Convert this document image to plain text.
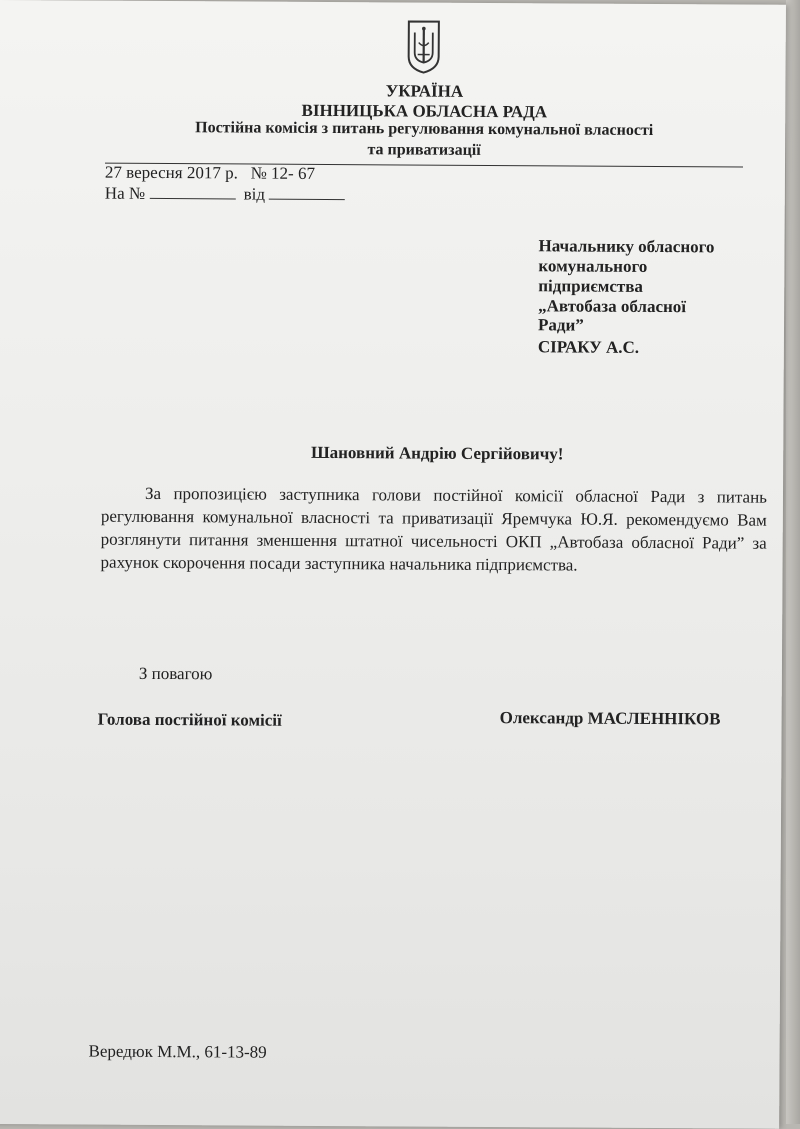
УКРАЇНА
ВІННИЦЬКА ОБЛАСНА РАДА
Постійна комісія з питань регулювання комунальної власності
та приватизації
27 вересня 2017 р.   № 12- 67
На №	від
Начальнику обласного
комунального
підприємства
„Автобаза обласної
Ради”
СІРАКУ А.С.
Шановний Андрію Сергійовичу!
За пропозицією заступника голови постійної комісії обласної Ради з питань регулювання комунальної власності та приватизації Яремчука Ю.Я. рекомендуємо Вам розглянути питання зменшення штатної чисельності ОКП „Автобаза обласної Ради” за рахунок скорочення посади заступника начальника підприємства.
З повагою
Голова постійної комісії	Олександр МАСЛЕННІКОВ
Вередюк М.М., 61-13-89
